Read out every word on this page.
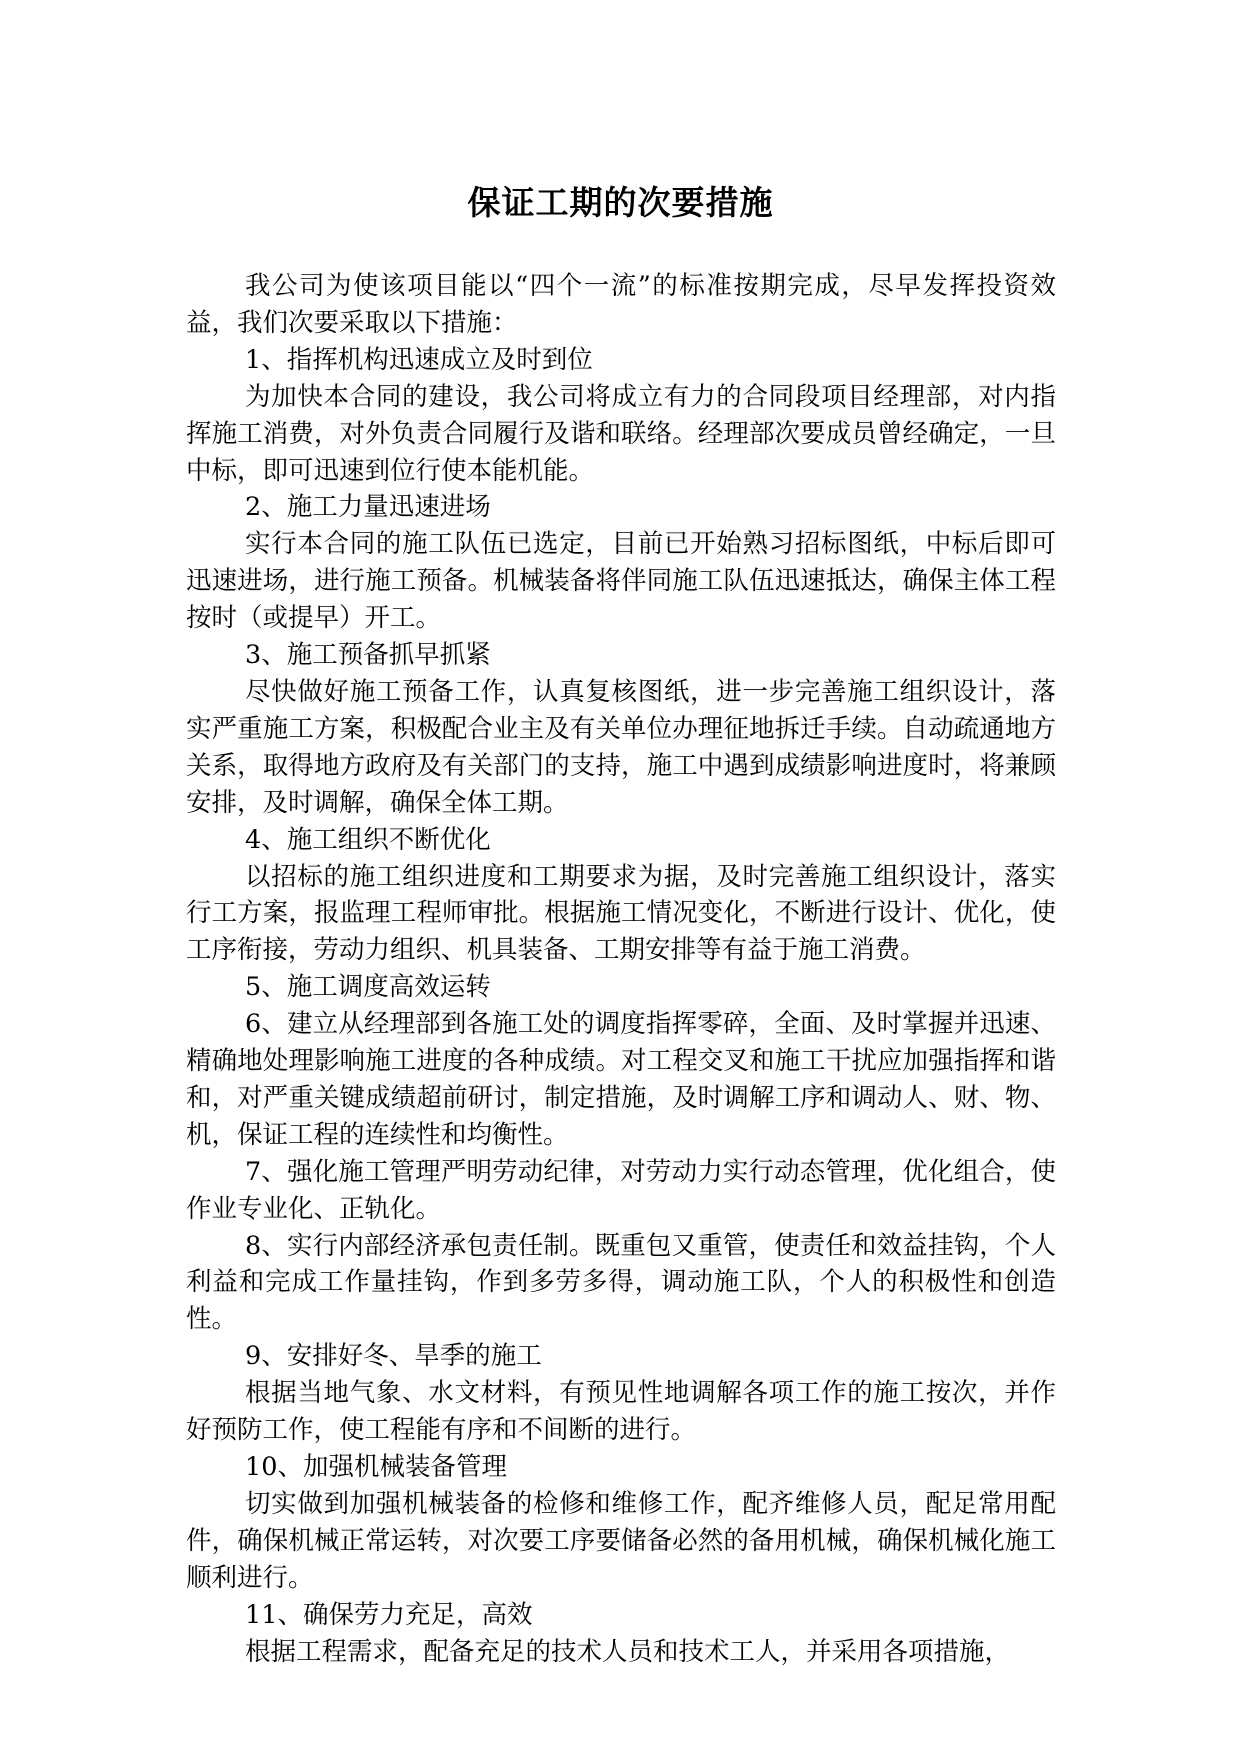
保证工期的次要措施

我公司为使该项目能以“四个一流”的标准按期完成，尽早发挥投资效益，我们次要采取以下措施：

1、指挥机构迅速成立及时到位

为加快本合同的建设，我公司将成立有力的合同段项目经理部，对内指挥施工消费，对外负责合同履行及谐和联络。经理部次要成员曾经确定，一旦中标，即可迅速到位行使本能机能。

2、施工力量迅速进场

实行本合同的施工队伍已选定，目前已开始熟习招标图纸，中标后即可迅速进场，进行施工预备。机械装备将伴同施工队伍迅速抵达，确保主体工程按时（或提早）开工。

3、施工预备抓早抓紧

尽快做好施工预备工作，认真复核图纸，进一步完善施工组织设计，落实严重施工方案，积极配合业主及有关单位办理征地拆迁手续。自动疏通地方关系，取得地方政府及有关部门的支持，施工中遇到成绩影响进度时，将兼顾安排，及时调解，确保全体工期。

4、施工组织不断优化

以招标的施工组织进度和工期要求为据，及时完善施工组织设计，落实行工方案，报监理工程师审批。根据施工情况变化，不断进行设计、优化，使工序衔接，劳动力组织、机具装备、工期安排等有益于施工消费。

5、施工调度高效运转

6、建立从经理部到各施工处的调度指挥零碎，全面、及时掌握并迅速、精确地处理影响施工进度的各种成绩。对工程交叉和施工干扰应加强指挥和谐和，对严重关键成绩超前研讨，制定措施，及时调解工序和调动人、财、物、机，保证工程的连续性和均衡性。

7、强化施工管理严明劳动纪律，对劳动力实行动态管理，优化组合，使作业专业化、正轨化。

8、实行内部经济承包责任制。既重包又重管，使责任和效益挂钩，个人利益和完成工作量挂钩，作到多劳多得，调动施工队，个人的积极性和创造性。

9、安排好冬、旱季的施工

根据当地气象、水文材料，有预见性地调解各项工作的施工按次，并作好预防工作，使工程能有序和不间断的进行。

10、加强机械装备管理

切实做到加强机械装备的检修和维修工作，配齐维修人员，配足常用配件，确保机械正常运转，对次要工序要储备必然的备用机械，确保机械化施工顺利进行。

11、确保劳力充足，高效

根据工程需求，配备充足的技术人员和技术工人，并采用各项措施，
